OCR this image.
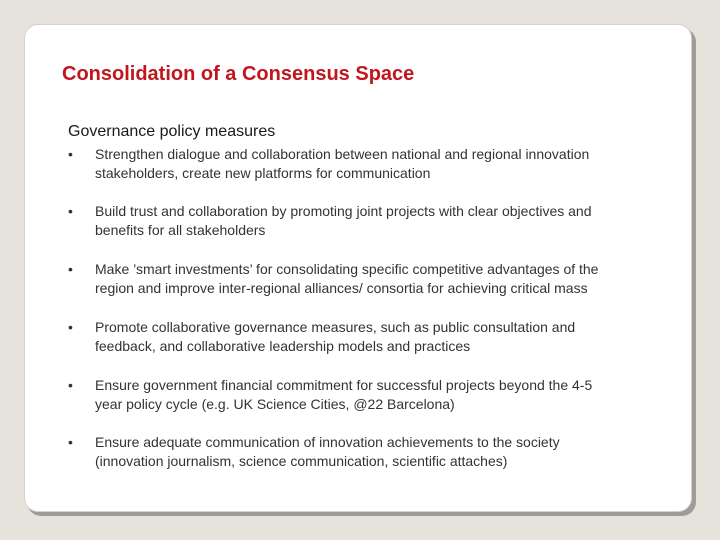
Consolidation of a Consensus Space
Governance policy measures
• Strengthen dialogue and collaboration between national and regional innovation
stakeholders, create new platforms for communication
• Build trust and collaboration by promoting joint projects with clear objectives and
benefits for all stakeholders
• Make ’smart investments’ for consolidating specific competitive advantages of the
region and improve inter-regional alliances/ consortia for achieving critical mass
• Promote collaborative governance measures, such as public consultation and
feedback, and collaborative leadership models and practices
• Ensure government financial commitment for successful projects beyond the 4-5
year policy cycle (e.g. UK Science Cities, @22 Barcelona)
• Ensure adequate communication of innovation achievements to the society
(innovation journalism, science communication, scientific attaches)
